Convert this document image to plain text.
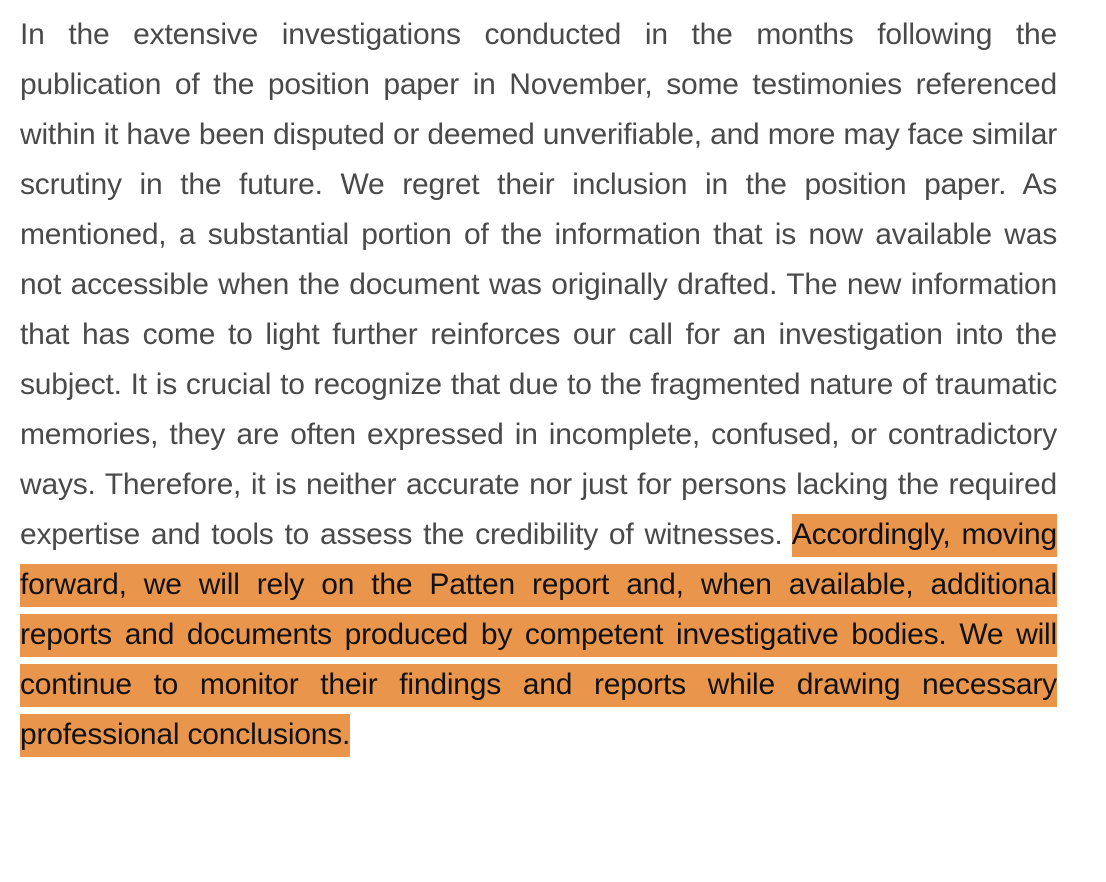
In the extensive investigations conducted in the months following the publication of the position paper in November, some testimonies referenced within it have been disputed or deemed unverifiable, and more may face similar scrutiny in the future. We regret their inclusion in the position paper. As mentioned, a substantial portion of the information that is now available was not accessible when the document was originally drafted. The new information that has come to light further reinforces our call for an investigation into the subject. It is crucial to recognize that due to the fragmented nature of traumatic memories, they are often expressed in incomplete, confused, or contradictory ways. Therefore, it is neither accurate nor just for persons lacking the required expertise and tools to assess the credibility of witnesses. Accordingly, moving forward, we will rely on the Patten report and, when available, additional reports and documents produced by competent investigative bodies. We will continue to monitor their findings and reports while drawing necessary professional conclusions.
